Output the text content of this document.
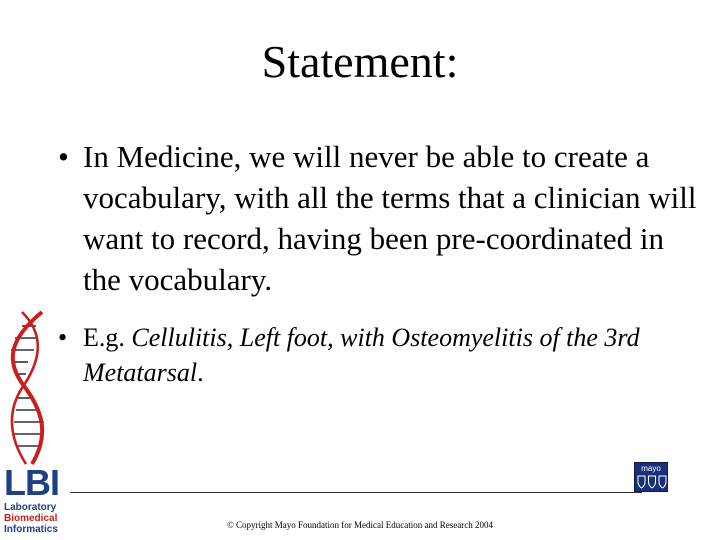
Statement:
• In Medicine, we will never be able to create a vocabulary, with all the terms that a clinician will want to record, having been pre-coordinated in the vocabulary.
• E.g. Cellulitis, Left foot, with Osteomyelitis of the 3rd Metatarsal.
LBI
Laboratory
Biomedical
Informatics
mayo
© Copyright Mayo Foundation for Medical Education and Research 2004
